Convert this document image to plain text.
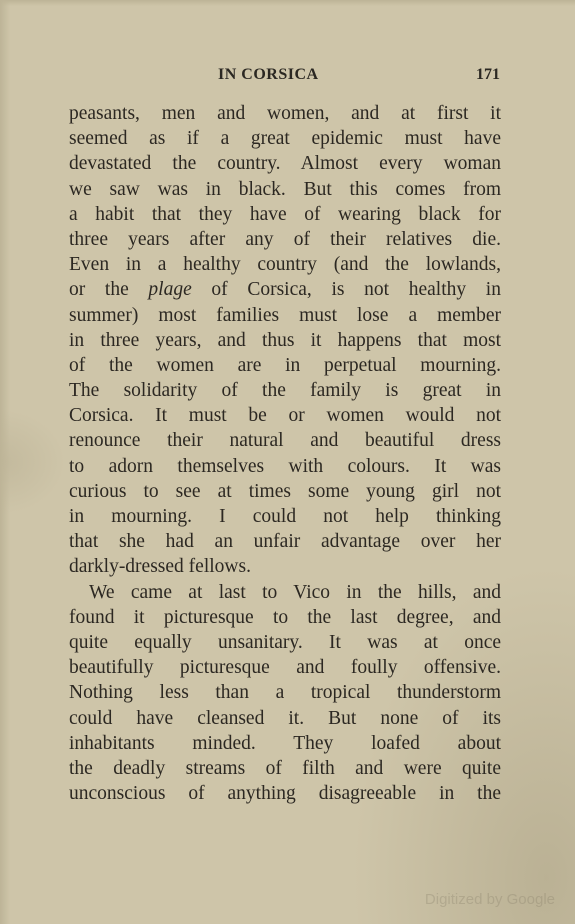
IN CORSICA	171
peasants, men and women, and at first it
seemed as if a great epidemic must have
devastated the country. Almost every woman
we saw was in black. But this comes from
a habit that they have of wearing black for
three years after any of their relatives die.
Even in a healthy country (and the lowlands,
or the plage of Corsica, is not healthy in
summer) most families must lose a member
in three years, and thus it happens that most
of the women are in perpetual mourning.
The solidarity of the family is great in
Corsica. It must be or women would not
renounce their natural and beautiful dress
to adorn themselves with colours. It was
curious to see at times some young girl not
in mourning. I could not help thinking
that she had an unfair advantage over her
darkly-dressed fellows.
We came at last to Vico in the hills, and
found it picturesque to the last degree, and
quite equally unsanitary. It was at once
beautifully picturesque and foully offensive.
Nothing less than a tropical thunderstorm
could have cleansed it. But none of its
inhabitants minded. They loafed about
the deadly streams of filth and were quite
unconscious of anything disagreeable in the
Digitized by Google
